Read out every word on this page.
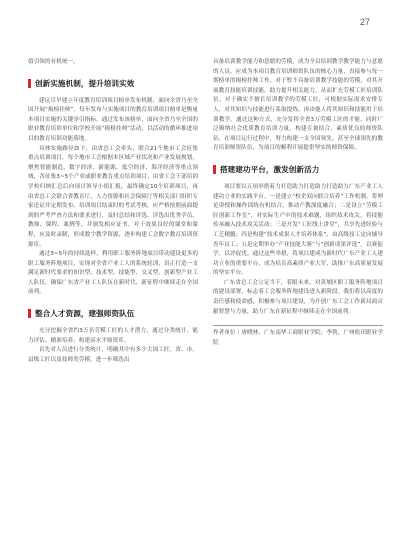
27

值引领的有机统一。

创新实施机制，提升培训实效

建议尽早建立年度教育培训项目榜单发布机制，面向全省乃至全国开展“揭榜挂帅”。每年发布与实施项目的教育培训项目榜单是衡量本项目实施的关键举引指标，通过发布该榜单，面向全省乃至全国的职业教育培训单位和学校开展“揭榜挂帅”活动，以活动的循环推进项目的教育培训功能落地。

具体实施路径如下，由省总工会牵头，联合21个地市工会征集重点培训项目，每个地市工会根据本区域产业状况和产业发展规划，聚焦智能制造、数字经济、新能源、低空经济、海洋经济等重点领域，各征集3~5个产业或职业教育重点培训项目，由省工会干部培训学校归纳汇总后向项目领导小组汇报，最终确定10个培训项目，再由省总工会联合省教育厅、人力资源和社会保障厅等相关部门组织专家论证并定期发布。培训项目结束时的考试考核，应严格按照前面提到的严考严查方法和要求进行，及时总结和评选、评选出优秀学员、教师、课程、案例等，并颁发相应证书、对于效果良好的课堂和课程，应及时录制，形成数字教学资源，逐步构建工会数字教育培训资源库。

通过3~5年的持续选样，利用职工服务阵地项目带动建设更多的职工服务阵地项目，实现对全省产业工人的系统轮训，真正打造一支满足新时代要求的知识型、技术型、技能型、交叉型、创新型产业工人队伍，确保广东省产业工人队伍在新时代、新征程中继续走在全国前列。

整合人才资源，建强师资队伍

充分挖掘全省约3万名劳模工匠的人才潜力，通过分类统计、能力评估、精准培养、构建高水平师资库。

首先对人员进行分类统计，明确其中有多少大国工匠、省、市、县级工匠以及技师类劳模，进一步筛选出

具备培训教学能力和意愿的劳模，成为全员培训教学教学能力与意愿的人员，应成为本项目教育培训师资队伍的核心力量，直接参与每一期榜单的揭榜挂帅工作，对于暂不具备培训教学技能的劳模，对其开展教育技能培训技能，助力提升相关能力，从而扩充劳模工匠培训队伍。对于确实不擅长培训教学的劳模工匠，可根据实际需求安排专人，对其知识与技能进行系取提炼，再由他人将其知识和技能用于培训教学。通过这种方式，充分发挥全省3万劳模工匠的才能，同时广泛吸纳社会优质教育培训力量，构建专兼结合、素质优良的师资队伍。在项目运行过程中，努力构建一支全国领先、甚至全球领先的教育培训师资队伍，为项目的顺利开展提供坚实的师资保障。

搭建建功平台，激发创新活力

项目要以五项举措着力打造助力打造助力打造助力广东产业工人建功立业的实践平台。一是建立“校企双向联合培养”工作机制，将理论讲授和操作训练有机结合，推动产教深度融合；二是设立“劳模工匠创新工作室”，对实际生产中的技术难题，组织技术攻关，将技能传承融入技术攻关活动；三是开发“工匠线上讲堂”，共享先进经验与工艺精髓；四是构建“技术成果人才培养体系”，由高级技工定向辅导青年员工；五是定期举办“产业技能大赛”与“创新成果评选”，以赛促学，以评促优。通过这些举措，将项目建成为新时代广东产业工人建功立业的重要平台，成为培育高素质产业大军，助推广东高质量发展的坚实平台。

广东省总工会立足当下，着眼未来，对黄埔区职工服务阵地项目的建设部署，标志着工会服务阵地建设进入新阶段。我们将以高度的责任感和使命感，积极参与项目建设，为开创广东工会工作新局面贡献智慧与力量，助力广东在新征程中继续走在全国前列。

作者单位｜唐晓林，广东南华工商职业学院；李勃，广州松田职业学院
